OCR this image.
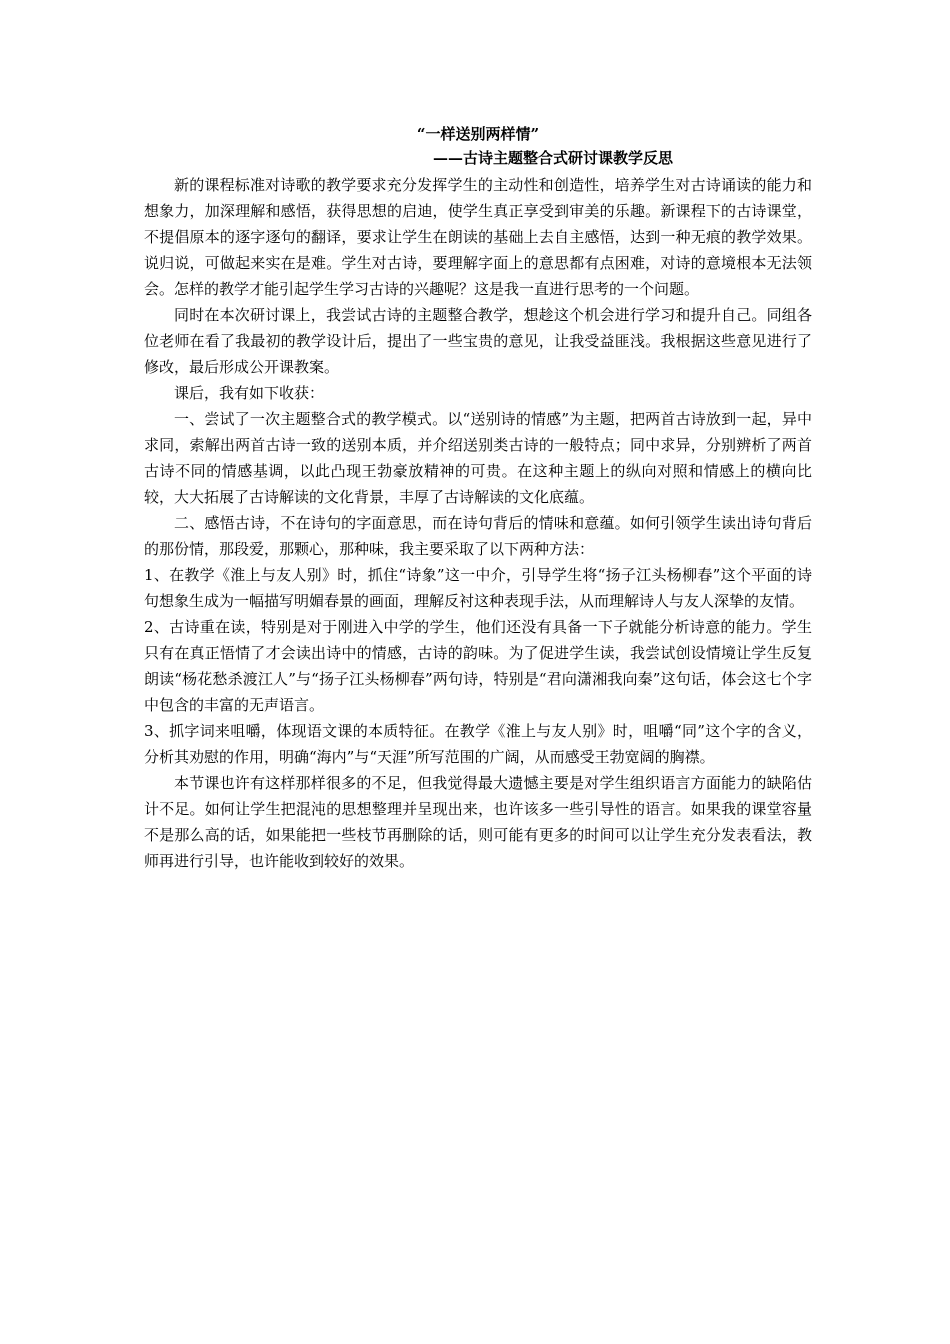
“一样送别两样情”
——古诗主题整合式研讨课教学反思

新的课程标准对诗歌的教学要求充分发挥学生的主动性和创造性，培养学生对古诗诵读的能力和想象力，加深理解和感悟，获得思想的启迪，使学生真正享受到审美的乐趣。新课程下的古诗课堂，不提倡原本的逐字逐句的翻译，要求让学生在朗读的基础上去自主感悟，达到一种无痕的教学效果。说归说，可做起来实在是难。学生对古诗，要理解字面上的意思都有点困难，对诗的意境根本无法领会。怎样的教学才能引起学生学习古诗的兴趣呢？这是我一直进行思考的一个问题。

同时在本次研讨课上，我尝试古诗的主题整合教学，想趁这个机会进行学习和提升自己。同组各位老师在看了我最初的教学设计后，提出了一些宝贵的意见，让我受益匪浅。我根据这些意见进行了修改，最后形成公开课教案。

课后，我有如下收获：

一、尝试了一次主题整合式的教学模式。以“送别诗的情感”为主题，把两首古诗放到一起，异中求同，索解出两首古诗一致的送别本质，并介绍送别类古诗的一般特点；同中求异，分别辨析了两首古诗不同的情感基调，以此凸现王勃豪放精神的可贵。在这种主题上的纵向对照和情感上的横向比较，大大拓展了古诗解读的文化背景，丰厚了古诗解读的文化底蕴。

二、感悟古诗，不在诗句的字面意思，而在诗句背后的情味和意蕴。如何引领学生读出诗句背后的那份情，那段爱，那颗心，那种味，我主要采取了以下两种方法：

1、在教学《淮上与友人别》时，抓住“诗象”这一中介，引导学生将“扬子江头杨柳春”这个平面的诗句想象生成为一幅描写明媚春景的画面，理解反衬这种表现手法，从而理解诗人与友人深挚的友情。

2、古诗重在读，特别是对于刚进入中学的学生，他们还没有具备一下子就能分析诗意的能力。学生只有在真正悟情了才会读出诗中的情感，古诗的韵味。为了促进学生读，我尝试创设情境让学生反复朗读“杨花愁杀渡江人”与“扬子江头杨柳春”两句诗，特别是“君向潇湘我向秦”这句话，体会这七个字中包含的丰富的无声语言。

3、抓字词来咀嚼，体现语文课的本质特征。在教学《淮上与友人别》时，咀嚼“同”这个字的含义，分析其劝慰的作用，明确“海内”与“天涯”所写范围的广阔，从而感受王勃宽阔的胸襟。

本节课也许有这样那样很多的不足，但我觉得最大遗憾主要是对学生组织语言方面能力的缺陷估计不足。如何让学生把混沌的思想整理并呈现出来，也许该多一些引导性的语言。如果我的课堂容量不是那么高的话，如果能把一些枝节再删除的话，则可能有更多的时间可以让学生充分发表看法，教师再进行引导，也许能收到较好的效果。
